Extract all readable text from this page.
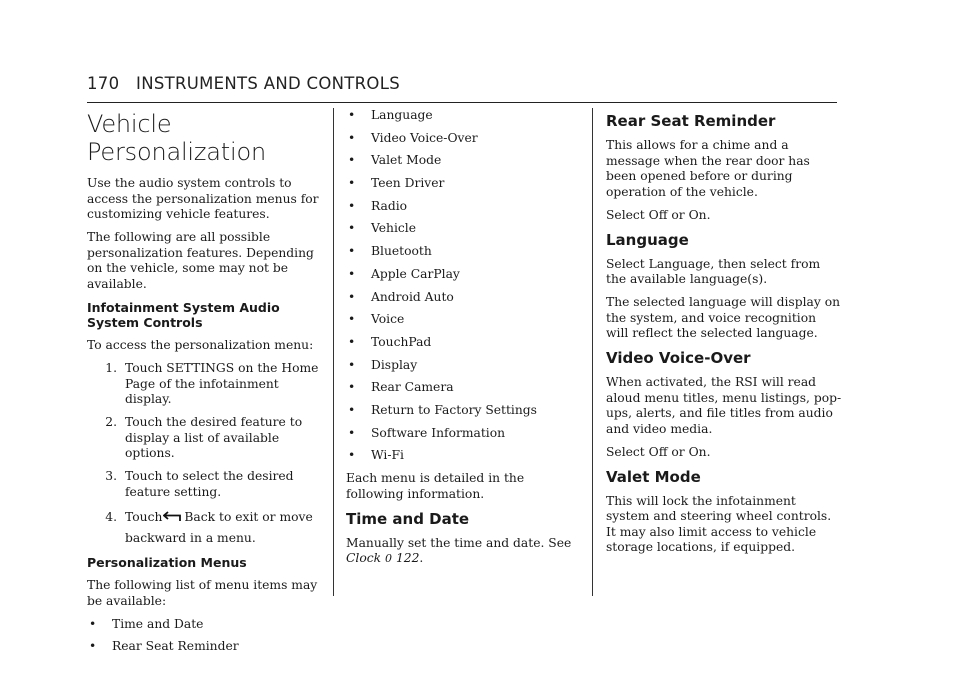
170 INSTRUMENTS AND CONTROLS
Vehicle Personalization

Use the audio system controls to access the personalization menus for customizing vehicle features.

The following are all possible personalization features. Depending on the vehicle, some may not be available.

Infotainment System Audio System Controls

To access the personalization menu:

1. Touch SETTINGS on the Home Page of the infotainment display.
2. Touch the desired feature to display a list of available options.
3. Touch to select the desired feature setting.
4. Touch Back to exit or move backward in a menu.
Personalization Menus

The following list of menu items may be available:

•	Time and Date
•	Rear Seat Reminder
•	Language
•	Video Voice-Over
•	Valet Mode
•	Teen Driver
•	Radio
•	Vehicle
•	Bluetooth
•	Apple CarPlay
•	Android Auto
•	Voice
•	TouchPad
•	Display
•	Rear Camera
•	Return to Factory Settings
•	Software Information
•	Wi-Fi

Each menu is detailed in the following information.

Time and Date

Manually set the time and date. See
Clock 0 122.

Rear Seat Reminder

This allows for a chime and a message when the rear door has been opened before or during operation of the vehicle.

Select Off or On.

Language

Select Language, then select from the available language(s).

The selected language will display on the system, and voice recognition will reflect the selected language.

Video Voice-Over

When activated, the RSI will read aloud menu titles, menu listings, pop-ups, alerts, and file titles from audio and video media.

Select Off or On.

Valet Mode

This will lock the infotainment system and steering wheel controls. It may also limit access to vehicle storage locations, if equipped.
